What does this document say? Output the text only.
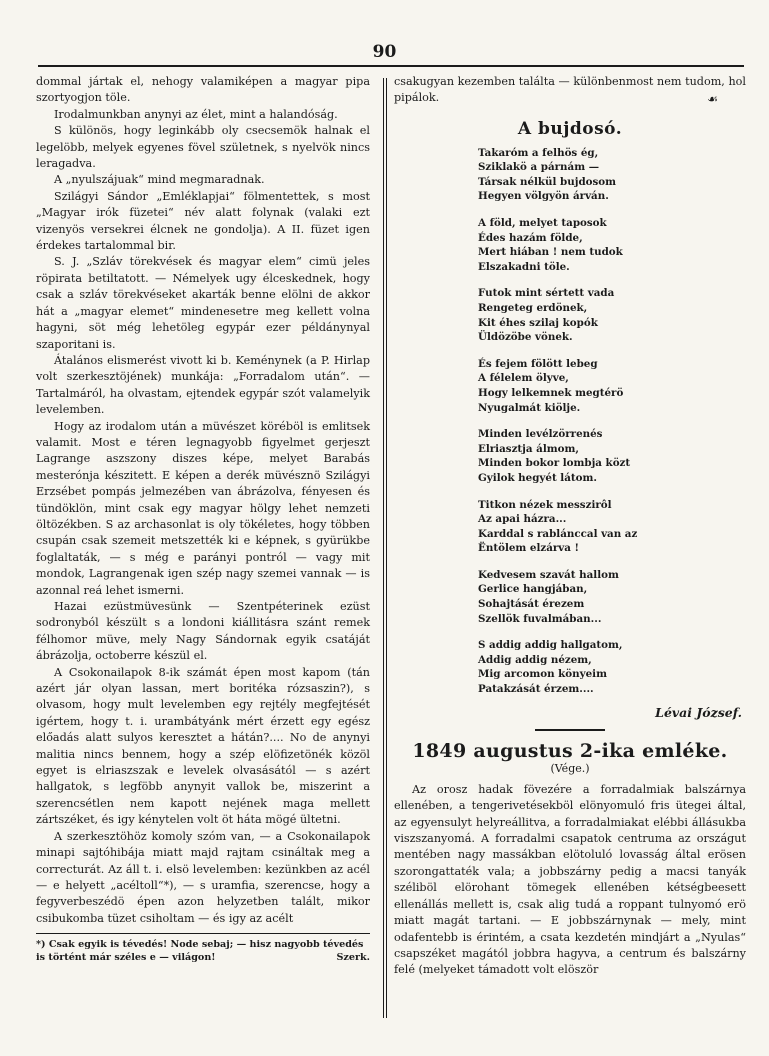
90

dommal jártak el, nehogy valamiképen a magyar pipa szortyogjon töle.

Irodalmunkban anynyi az élet, mint a halandóság.

S különös, hogy leginkább oly csecsemök halnak el legelöbb, melyek egyenes fövel születnek, s nyelvök nincs leragadva.

A „nyulszájuak“ mind megmaradnak.

Szilágyi Sándor „Emléklapjai“ fölmentettek, s most „Magyar irók füzetei“ név alatt folynak (valaki ezt vizenyös versekrei élcnek ne gondolja). A II. füzet igen érdekes tartalommal bir.

S. J. „Szláv törekvések és magyar elem“ cimü jeles röpirata betiltatott. — Némelyek ugy élceskednek, hogy csak a szláv törekvéseket akarták benne elölni de akkor hát a „magyar elemet“ mindenesetre meg kellett volna hagyni, söt még lehetöleg egypár ezer példánynyal szaporitani is.

Átalános elismerést vivott ki b. Keménynek (a P. Hirlap volt szerkesztöjének) munkája: „Forradalom után“. — Tartalmáról, ha olvastam, ejtendek egypár szót valamelyik levelemben.

Hogy az irodalom után a müvészet köréböl is emlitsek valamit. Most e téren legnagyobb figyelmet gerjeszt Lagrange aszszony diszes képe, melyet Barabás mesterónja készitett. E képen a derék müvésznö Szilágyi Erzsébet pompás jelmezében van ábrázolva, fényesen és tündöklön, mint csak egy magyar hölgy lehet nemzeti öltözékben. S az archasonlat is oly tökéletes, hogy többen csupán csak szemeit metszették ki e képnek, s gyürükbe foglaltaták, — s még e parányi pontról — vagy mit mondok, Lagrangenak igen szép nagy szemei vannak — is azonnal reá lehet ismerni.

Hazai ezüstmüvesünk — Szentpéterinek ezüst sodronyból készült s a londoni kiállitásra szánt remek félhomor müve, mely Nagy Sándornak egyik csatáját ábrázolja, octoberre készül el.

A Csokonailapok 8-ik számát épen most kapom (tán azért jár olyan lassan, mert boritéka rózsaszin?), s olvasom, hogy mult levelemben egy rejtély megfejtését igértem, hogy t. i. urambátyánk mért érzett egy egész előadás alatt sulyos keresztet a hátán?.... No de anynyi malitia nincs bennem, hogy a szép elöfizetönék közöl egyet is elriaszszak e levelek olvasásától — s azért hallgatok, s legföbb anynyit vallok be, miszerint a szerencsétlen nem kapott nejének maga mellett zártszéket, és igy kénytelen volt öt háta mögé ültetni.

A szerkesztöhöz komoly szóm van, — a Csokonailapok minapi sajtóhibája miatt majd rajtam csináltak meg a correcturát. Az áll t. i. elsö levelemben: kezünkben az acél — e helyett „acéltoll“*), — s uramfia, szerencse, hogy a fegyverbeszédö épen azon helyzetben talált, mikor csibukomba tüzet csiholtam — és igy az acélt

*) Csak egyik is tévedés! Node sebaj; — hisz nagyobb tévedés
is történt már széles e — világon!	Szerk.

csakugyan kezemben találta — különbenmost nem tudom, hol pipálok.	☙
A bujdosó.
Takaróm a felhös ég,
Sziklakö a párnám —
Társak nélkül bujdosom
Hegyen völgyön árván.
A föld, melyet taposok
Édes hazám földe,
Mert hiában ! nem tudok
Elszakadni töle.
Futok mint sértett vada
Rengeteg erdönek,
Kit éhes szilaj kopók
Üldözöbe vönek.
És fejem fölött lebeg
A félelem ölyve,
Hogy lelkemnek megtérö
Nyugalmát kiölje.
Minden levélzörrenés
Elriasztja álmom,
Minden bokor lombja közt
Gyilok hegyét látom.
Titkon nézek messzirôl
Az apai házra...
Karddal s rablánccal van az
Ëntölem elzárva !
Kedvesem szavát hallom
Gerlice hangjában,
Sohajtását érezem
Szellök fuvalmában...
S addig addig hallgatom,
Addig addig nézem,
Mig arcomon könyeim
Patakzását érzem....
Lévai József.
1849 augustus 2-ika emléke.
(Vége.)

Az orosz hadak fövezére a forradalmiak balszárnya ellenében, a tengerivetésekböl elönyomuló fris ütegei által, az egyensulyt helyreállitva, a forradalmiakat elébbi állásukba viszszanyomá. A forradalmi csapatok centruma az országut mentében nagy massákban elötoluló lovasság által erösen szorongattaték vala; a jobbszárny pedig a macsi tanyák széliböl elörohant tömegek ellenében kétségbeesett ellenállás mellett is, csak alig tudá a roppant tulnyomó erö miatt magát tartani. — E jobbszárnynak — mely, mint odafentebb is érintém, a csata kezdetén mindjárt a „Nyulas“ csapszéket magától jobbra hagyva, a centrum és balszárny felé (melyeket támadott volt elöször
